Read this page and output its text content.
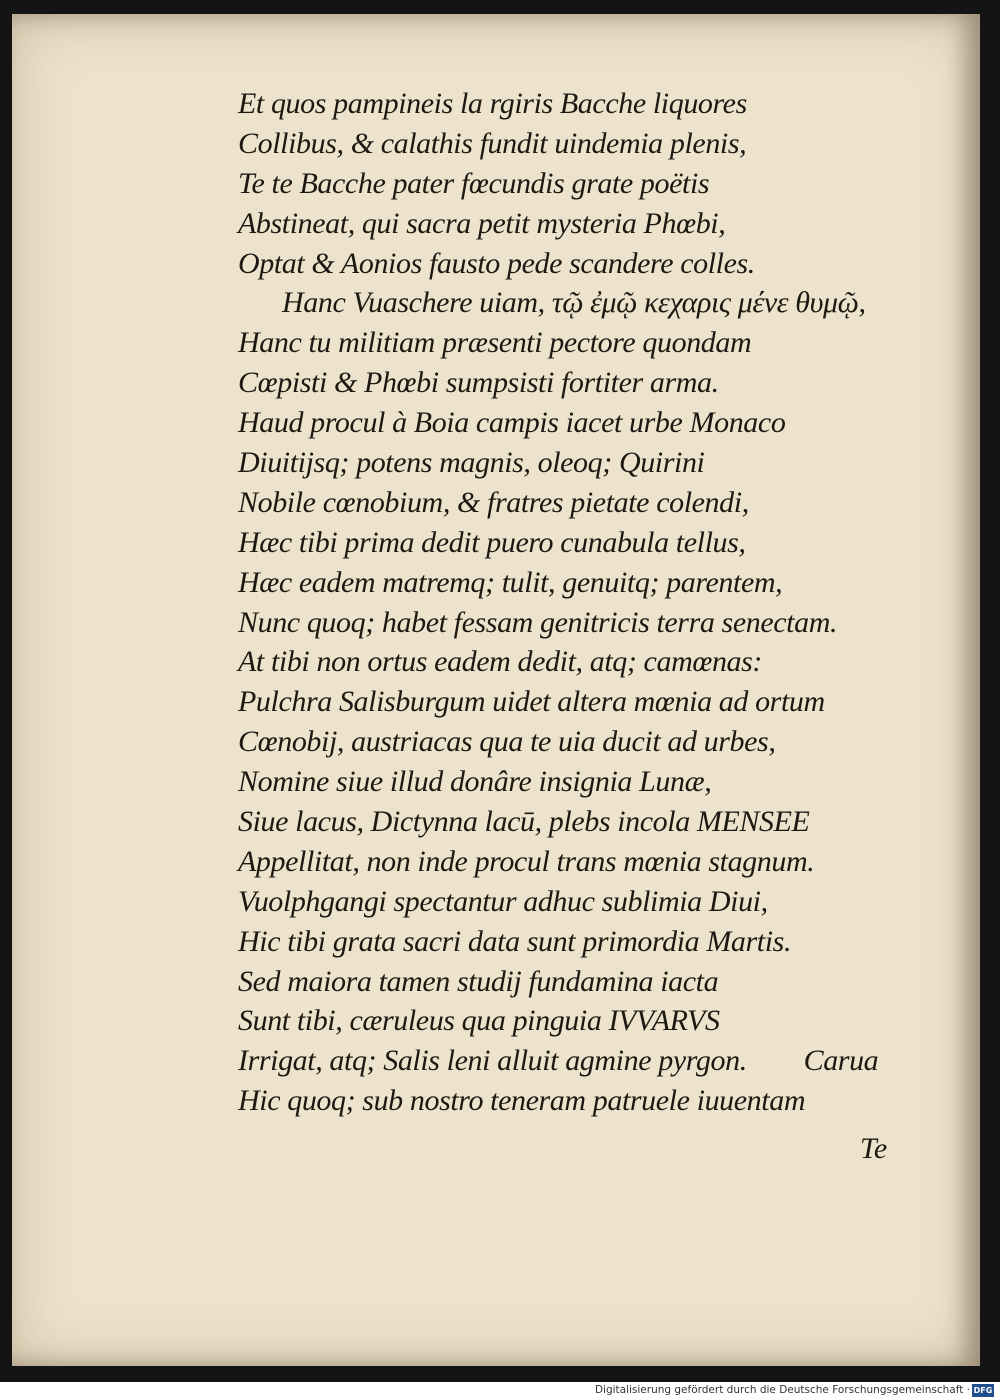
Et quos pampineis la rgiris Bacche liquores
Collibus, & calathis fundit uindemia plenis,
Te te Bacche pater fœcundis grate poëtis
Abstineat, qui sacra petit mysteria Phœbi,
Optat & Aonios fausto pede scandere colles.
Hanc Vuaschere uiam, τῷ ἐμῷ κεχαρις μένε θυμῷ,
Hanc tu militiam præsenti pectore quondam
Cœpisti & Phœbi sumpsisti fortiter arma.
Haud procul à Boia campis iacet urbe Monaco
Diuitijsq; potens magnis, oleoq; Quirini
Nobile cœnobium, & fratres pietate colendi,
Hæc tibi prima dedit puero cunabula tellus,
Hæc eadem matremq; tulit, genuitq; parentem,
Nunc quoq; habet fessam genitricis terra senectam.
At tibi non ortus eadem dedit, atq; camœnas:
Pulchra Salisburgum uidet altera mœnia ad ortum
Cœnobij, austriacas qua te uia ducit ad urbes,
Nomine siue illud donâre insignia Lunæ,
Siue lacus, Dictynna lacū, plebs incola MENSEE
Appellitat, non inde procul trans mœnia stagnum.
Vuolphgangi spectantur adhuc sublimia Diui,
Hic tibi grata sacri data sunt primordia Martis.
Sed maiora tamen studij fundamina iacta
Sunt tibi, cæruleus qua pinguia IVVARVS
Irrigat, atq; Salis leni alluit agmine pyrgon.        Carua
Hic quoq; sub nostro teneram patruele iuuentam
Te
Digitalisierung gefördert durch die Deutsche Forschungsgemeinschaft · DFG
